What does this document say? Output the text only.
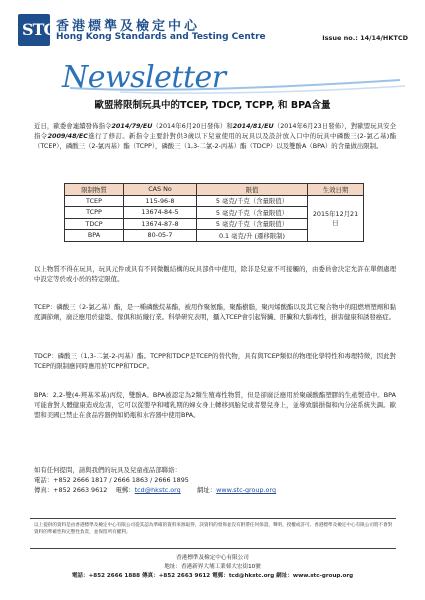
STC 香港標準及檢定中心
Hong Kong Standards and Testing Centre	Issue no.: 14/14/HKTCD
Newsletter
歐盟將限制玩具中的TCEP, TDCP, TCPP, 和 BPA含量
近日，歐委會連續發佈指令2014/79/EU（2014年6月20日發佈）和2014/81/EU（2014年6月23日發佈），對歐盟玩具安全指令2009/48/EC進行了修訂。新指令主要針對供3歲以下兒童使用的玩具以及設計放入口中的玩具中磷酸三(2-氯乙基)酯（TCEP），磷酸三（2-氯丙基）酯（TCPP），磷酸三（1,3-二氯-2-丙基）酯（TDCP）以及雙酚A（BPA）的含量做出限制。
限制物質	CAS No	限值	生效日期
TCEP	115-96-8	5 毫克/千克（含量限值）	2015年12月21日
TCPP	13674-84-5	5 毫克/千克（含量限值）	
TDCP	13674-87-8	5 毫克/千克（含量限值）	
BPA	80-05-7	0.1 毫克/升 (遷移限制)	
以上物質不得在玩具，玩具元件或具有不同微觀結構的玩具部件中使用，除非是兒童不可接觸的，由委員會決定允許在單個處理中設定等於或小於的特定限值。
TCEP：磷酸三（2-氯乙基）酯，是一種磷酸烷基酯，被用作聚氨酯，聚酯樹脂，聚丙烯酸酯以及其它聚合物中的阻燃增塑劑和黏度調節劑，廣泛應用於建築、傢俱和紡織行業。科學研究表明，攝入TCEP會引起腎臟、肝臟和大腦毒性，損害健康和誘發癌症。
TDCP：磷酸三（1,3-二氯-2-丙基）酯。TCPP和TDCP是TCEP的替代物，具有與TCEP類似的物理化學特性和毒理特徵，因此對TCEP的限制應同時應用於TCPP和TDCP。
BPA：2,2-雙(4-羥基苯基)丙烷，雙酚A。BPA被認定為2類生殖毒性物質，但是卻廣泛應用於聚碳酸酯塑膠的生產製造中。BPA可能會對人體健康造成危害，它可以從嬰孕和哺乳期的婦女身上轉移到胎兒或者嬰兒身上，並導致腦損傷和內分泌系統失調。歐盟和美國已禁止在食品容器例如奶瓶和水容器中使用BPA。
如有任何提問，請與我們的玩具及兒童產品部聯絡：
電話：+852 2666 1817 / 2666 1863 / 2666 1895
傳真：+852 2663 9612 電郵：tcd@hkstc.org	網址：www.stc-group.org
以上提供的資料是由香港標準及檢定中心有限公司從其認為準確的資料來源取得，該資料的發佈並沒有附帶任何保證、聲明、授權或許可。香港標準及檢定中心有限公司將不會對資料的準確性和完整性負責，並保留所有權利。
香港標準及檢定中心有限公司
地址：香港新界大埔工業邨大宏街10號
電話：+852 2666 1888 傳真：+852 2663 9612 電郵：tcd@hkstc.org 網址：www.stc-group.org
